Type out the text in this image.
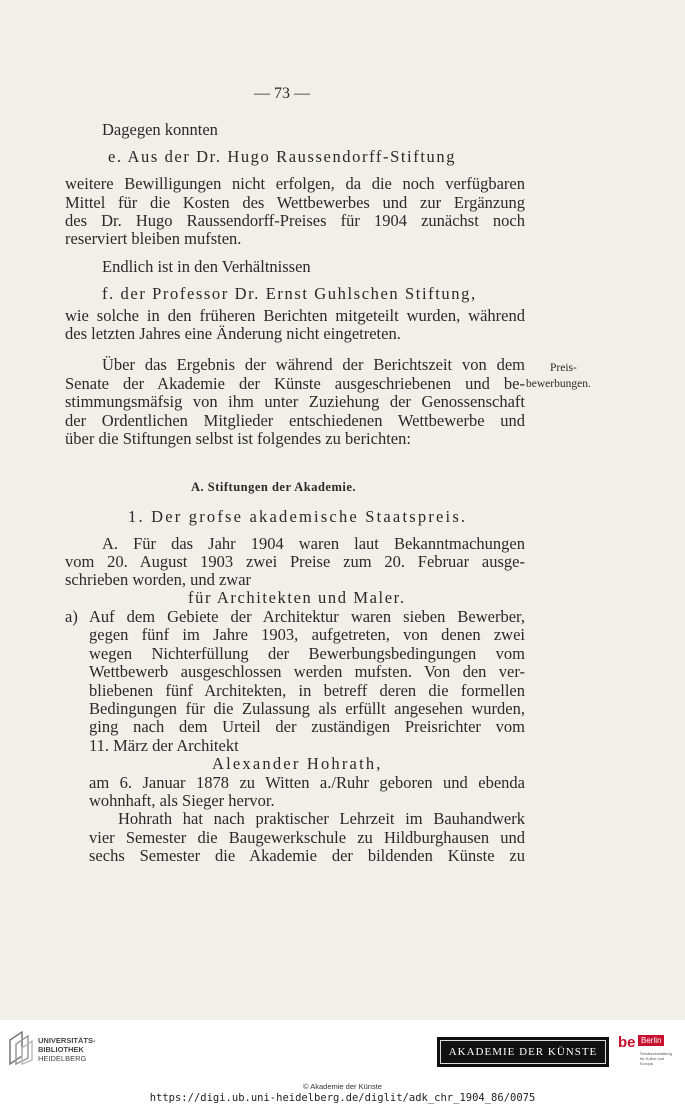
— 73 —
Dagegen konnten
e. Aus der Dr. Hugo Raussendorff-Stiftung
weitere Bewilligungen nicht erfolgen, da die noch verfügbaren
Mittel für die Kosten des Wettbewerbes und zur Ergänzung
des Dr. Hugo Raussendorff-Preises für 1904 zunächst noch
reserviert bleiben mufsten.
Endlich ist in den Verhältnissen
f. der Professor Dr. Ernst Guhlschen Stiftung,
wie solche in den früheren Berichten mitgeteilt wurden, während
des letzten Jahres eine Änderung nicht eingetreten.
Über das Ergebnis der während der Berichtszeit von dem Preis-
Senate der Akademie der Künste ausgeschriebenen und be- bewerbungen.
stimmungsmäfsig von ihm unter Zuziehung der Genossenschaft
der Ordentlichen Mitglieder entschiedenen Wettbewerbe und
über die Stiftungen selbst ist folgendes zu berichten:
A. Stiftungen der Akademie.
1. Der grofse akademische Staatspreis.
A. Für das Jahr 1904 waren laut Bekanntmachungen
vom 20. August 1903 zwei Preise zum 20. Februar ausge-
schrieben worden, und zwar
für Architekten und Maler.
a) Auf dem Gebiete der Architektur waren sieben Bewerber,
gegen fünf im Jahre 1903, aufgetreten, von denen zwei
wegen Nichterfüllung der Bewerbungsbedingungen vom
Wettbewerb ausgeschlossen werden mufsten. Von den ver-
bliebenen fünf Architekten, in betreff deren die formellen
Bedingungen für die Zulassung als erfüllt angesehen wurden,
ging nach dem Urteil der zuständigen Preisrichter vom
11. März der Architekt
Alexander Hohrath,
am 6. Januar 1878 zu Witten a./Ruhr geboren und ebenda
wohnhaft, als Sieger hervor.
Hohrath hat nach praktischer Lehrzeit im Bauhandwerk
vier Semester die Baugewerkschule zu Hildburghausen und
sechs Semester die Akademie der bildenden Künste zu
UNIVERSITÄTS-
BIBLIOTHEK
HEIDELBERG
AKADEMIE DER KÜNSTE
be Berlin
Senatsverwaltung
für Kultur und Europa
© Akademie der Künste
https://digi.ub.uni-heidelberg.de/diglit/adk_chr_1904_86/0075
